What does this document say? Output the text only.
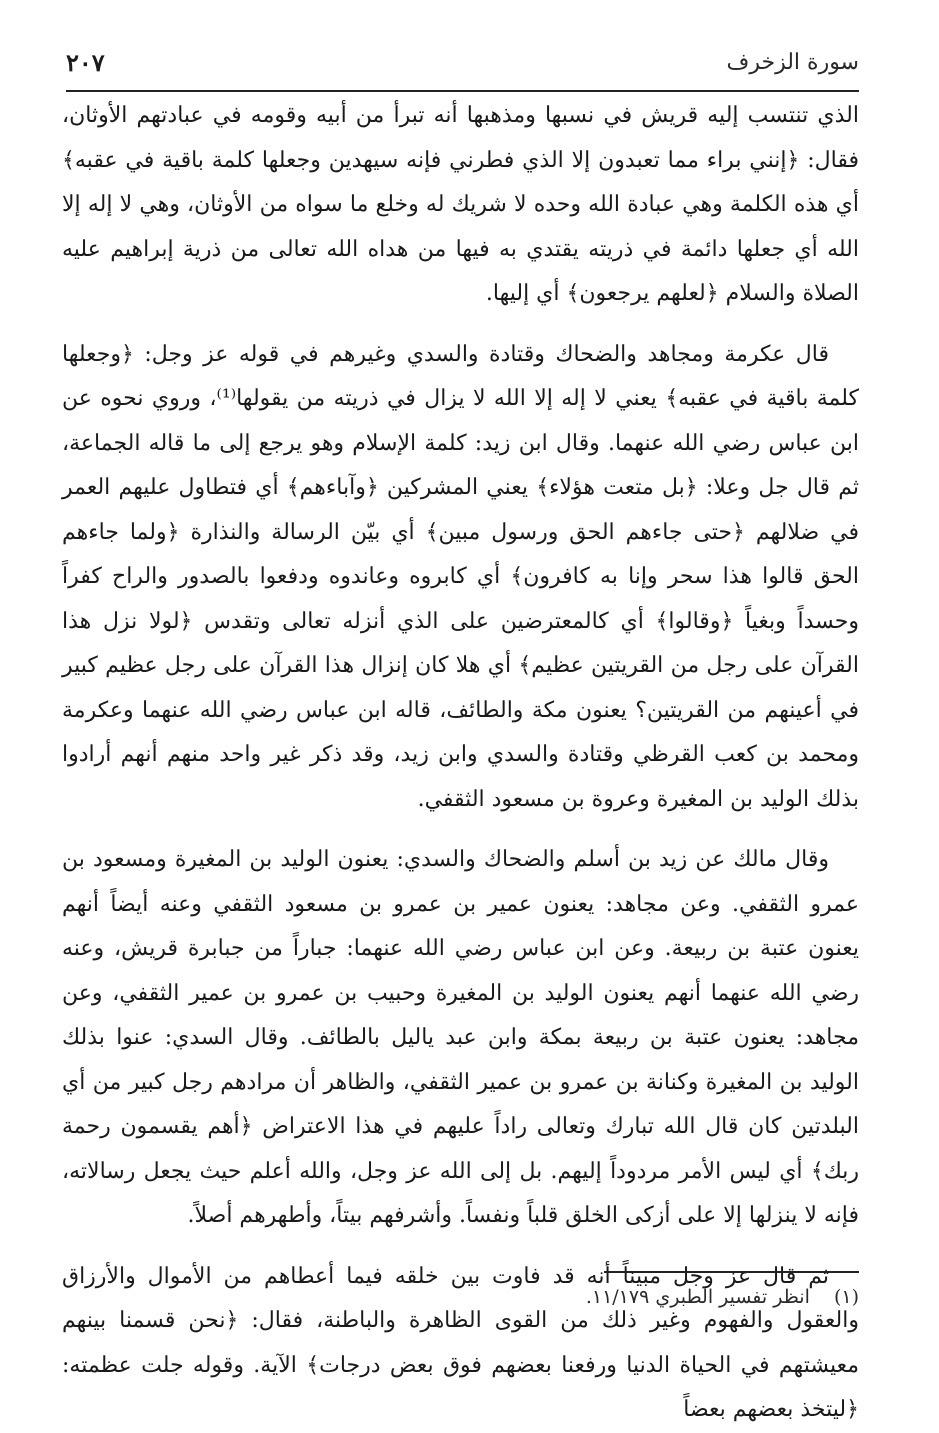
سورة الزخرف
٢٠٧

الذي تنتسب إليه قريش في نسبها ومذهبها أنه تبرأ من أبيه وقومه في عبادتهم الأوثان، فقال: ﴿إنني براء مما تعبدون إلا الذي فطرني فإنه سيهدين وجعلها كلمة باقية في عقبه﴾ أي هذه الكلمة وهي عبادة الله وحده لا شريك له وخلع ما سواه من الأوثان، وهي لا إله إلا الله أي جعلها دائمة في ذريته يقتدي به فيها من هداه الله تعالى من ذرية إبراهيم عليه الصلاة والسلام ﴿لعلهم يرجعون﴾ أي إليها.

قال عكرمة ومجاهد والضحاك وقتادة والسدي وغيرهم في قوله عز وجل: ﴿وجعلها كلمة باقية في عقبه﴾ يعني لا إله إلا الله لا يزال في ذريته من يقولها⁽¹⁾، وروي نحوه عن ابن عباس رضي الله عنهما. وقال ابن زيد: كلمة الإسلام وهو يرجع إلى ما قاله الجماعة، ثم قال جل وعلا: ﴿بل متعت هؤلاء﴾ يعني المشركين ﴿وآباءهم﴾ أي فتطاول عليهم العمر في ضلالهم ﴿حتى جاءهم الحق ورسول مبين﴾ أي بيّن الرسالة والنذارة ﴿ولما جاءهم الحق قالوا هذا سحر وإنا به كافرون﴾ أي كابروه وعاندوه ودفعوا بالصدور والراح كفراً وحسداً وبغياً ﴿وقالوا﴾ أي كالمعترضين على الذي أنزله تعالى وتقدس ﴿لولا نزل هذا القرآن على رجل من القريتين عظيم﴾ أي هلا كان إنزال هذا القرآن على رجل عظيم كبير في أعينهم من القريتين؟ يعنون مكة والطائف، قاله ابن عباس رضي الله عنهما وعكرمة ومحمد بن كعب القرظي وقتادة والسدي وابن زيد، وقد ذكر غير واحد منهم أنهم أرادوا بذلك الوليد بن المغيرة وعروة بن مسعود الثقفي.

وقال مالك عن زيد بن أسلم والضحاك والسدي: يعنون الوليد بن المغيرة ومسعود بن عمرو الثقفي. وعن مجاهد: يعنون عمير بن عمرو بن مسعود الثقفي وعنه أيضاً أنهم يعنون عتبة بن ربيعة. وعن ابن عباس رضي الله عنهما: جباراً من جبابرة قريش، وعنه رضي الله عنهما أنهم يعنون الوليد بن المغيرة وحبيب بن عمرو بن عمير الثقفي، وعن مجاهد: يعنون عتبة بن ربيعة بمكة وابن عبد ياليل بالطائف. وقال السدي: عنوا بذلك الوليد بن المغيرة وكنانة بن عمرو بن عمير الثقفي، والظاهر أن مرادهم رجل كبير من أي البلدتين كان قال الله تبارك وتعالى راداً عليهم في هذا الاعتراض ﴿أهم يقسمون رحمة ربك﴾ أي ليس الأمر مردوداً إليهم. بل إلى الله عز وجل، والله أعلم حيث يجعل رسالاته، فإنه لا ينزلها إلا على أزكى الخلق قلباً ونفساً. وأشرفهم بيتاً، وأطهرهم أصلاً.

ثم قال عز وجل مبيناً أنه قد فاوت بين خلقه فيما أعطاهم من الأموال والأرزاق والعقول والفهوم وغير ذلك من القوى الظاهرة والباطنة، فقال: ﴿نحن قسمنا بينهم معيشتهم في الحياة الدنيا ورفعنا بعضهم فوق بعض درجات﴾ الآية. وقوله جلت عظمته: ﴿ليتخذ بعضهم بعضاً

(١) انظر تفسير الطبري ١١/١٧٩.
